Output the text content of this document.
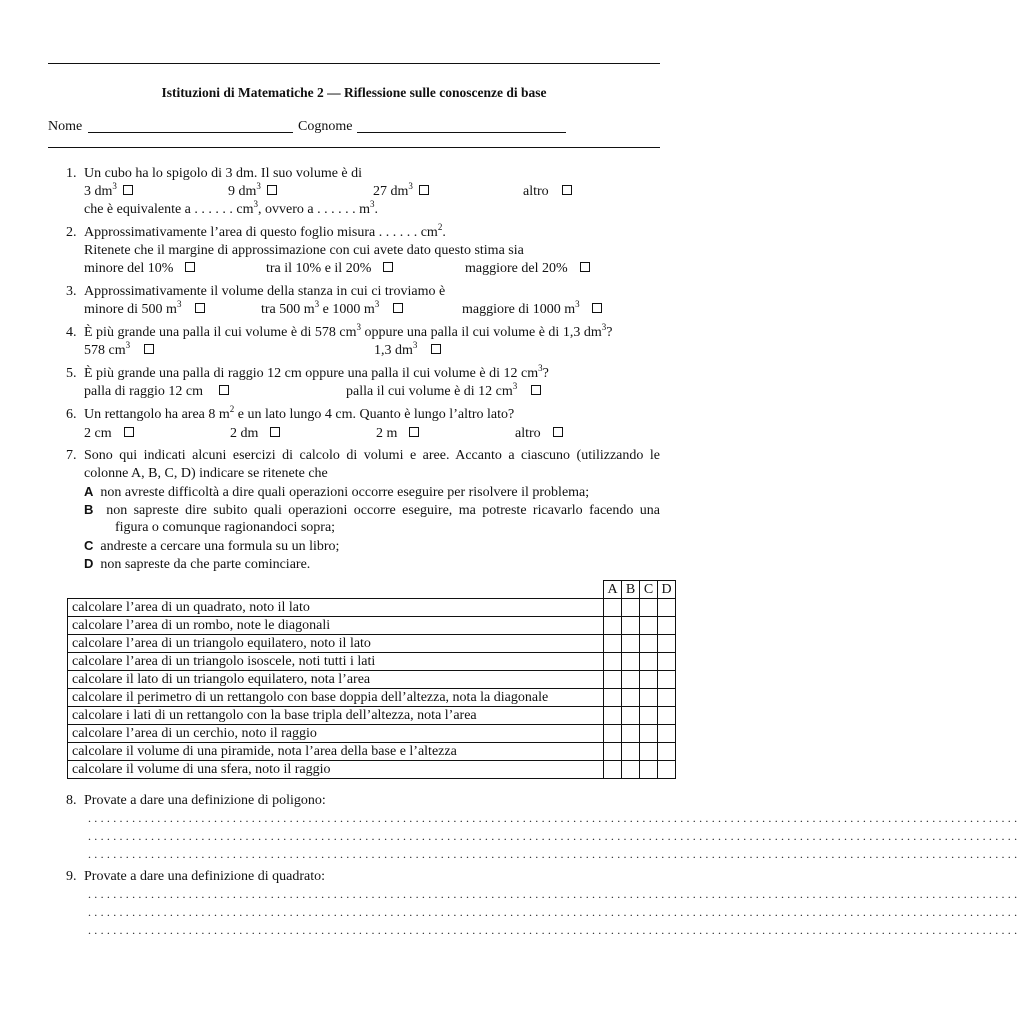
Istituzioni di Matematiche 2 — Riflessione sulle conoscenze di base
Nome	Cognome
1. Un cubo ha lo spigolo di 3 dm. Il suo volume è di
3 $dm^3$	9 $dm^3$	27 $dm^3$	altro
che è equivalente a . . . . . . $cm^3$, ovvero a . . . . . . $m^3$.
2. Approssimativamente l’area di questo foglio misura . . . . . . $cm^2$.
Ritenete che il margine di approssimazione con cui avete dato questo stima sia
minore del 10%	tra il 10% e il 20%	maggiore del 20%
3. Approssimativamente il volume della stanza in cui ci troviamo è
minore di 500 $m^3$	tra 500 $m^3$ e 1000 $m^3$	maggiore di 1000 $m^3$
4. È più grande una palla il cui volume è di 578 $cm^3$ oppure una palla il cui volume è di 1,3 $dm^3$?
578 $cm^3$	1,3 $dm^3$
5. È più grande una palla di raggio 12 cm oppure una palla il cui volume è di 12 $cm^3$?
palla di raggio 12 cm	palla il cui volume è di 12 $cm^3$
6. Un rettangolo ha area 8 $m^2$ e un lato lungo 4 cm. Quanto è lungo l’altro lato?
2 cm	2 dm	2 m	altro
7. Sono qui indicati alcuni esercizi di calcolo di volumi e aree. Accanto a ciascuno (utilizzando le colonne A, B, C, D) indicare se ritenete che
A non avreste difficoltà a dire quali operazioni occorre eseguire per risolvere il problema;
B non sapreste dire subito quali operazioni occorre eseguire, ma potreste ricavarlo facendo una
figura o comunque ragionandoci sopra;
C andreste a cercare una formula su un libro;
D non sapreste da che parte cominciare.
	A	B	C	D
calcolare l’area di un quadrato, noto il lato				
calcolare l’area di un rombo, note le diagonali				
calcolare l’area di un triangolo equilatero, noto il lato				
calcolare l’area di un triangolo isoscele, noti tutti i lati				
calcolare il lato di un triangolo equilatero, nota l’area				
calcolare il perimetro di un rettangolo con base doppia dell’altezza, nota la diagonale				
calcolare i lati di un rettangolo con la base tripla dell’altezza, nota l’area				
calcolare l’area di un cerchio, noto il raggio				
calcolare il volume di una piramide, nota l’area della base e l’altezza				
calcolare il volume di una sfera, noto il raggio				
8. Provate a dare una definizione di poligono:
....................................................................................................................................................
....................................................................................................................................................
....................................................................................................................................................
9. Provate a dare una definizione di quadrato:
....................................................................................................................................................
....................................................................................................................................................
....................................................................................................................................................
